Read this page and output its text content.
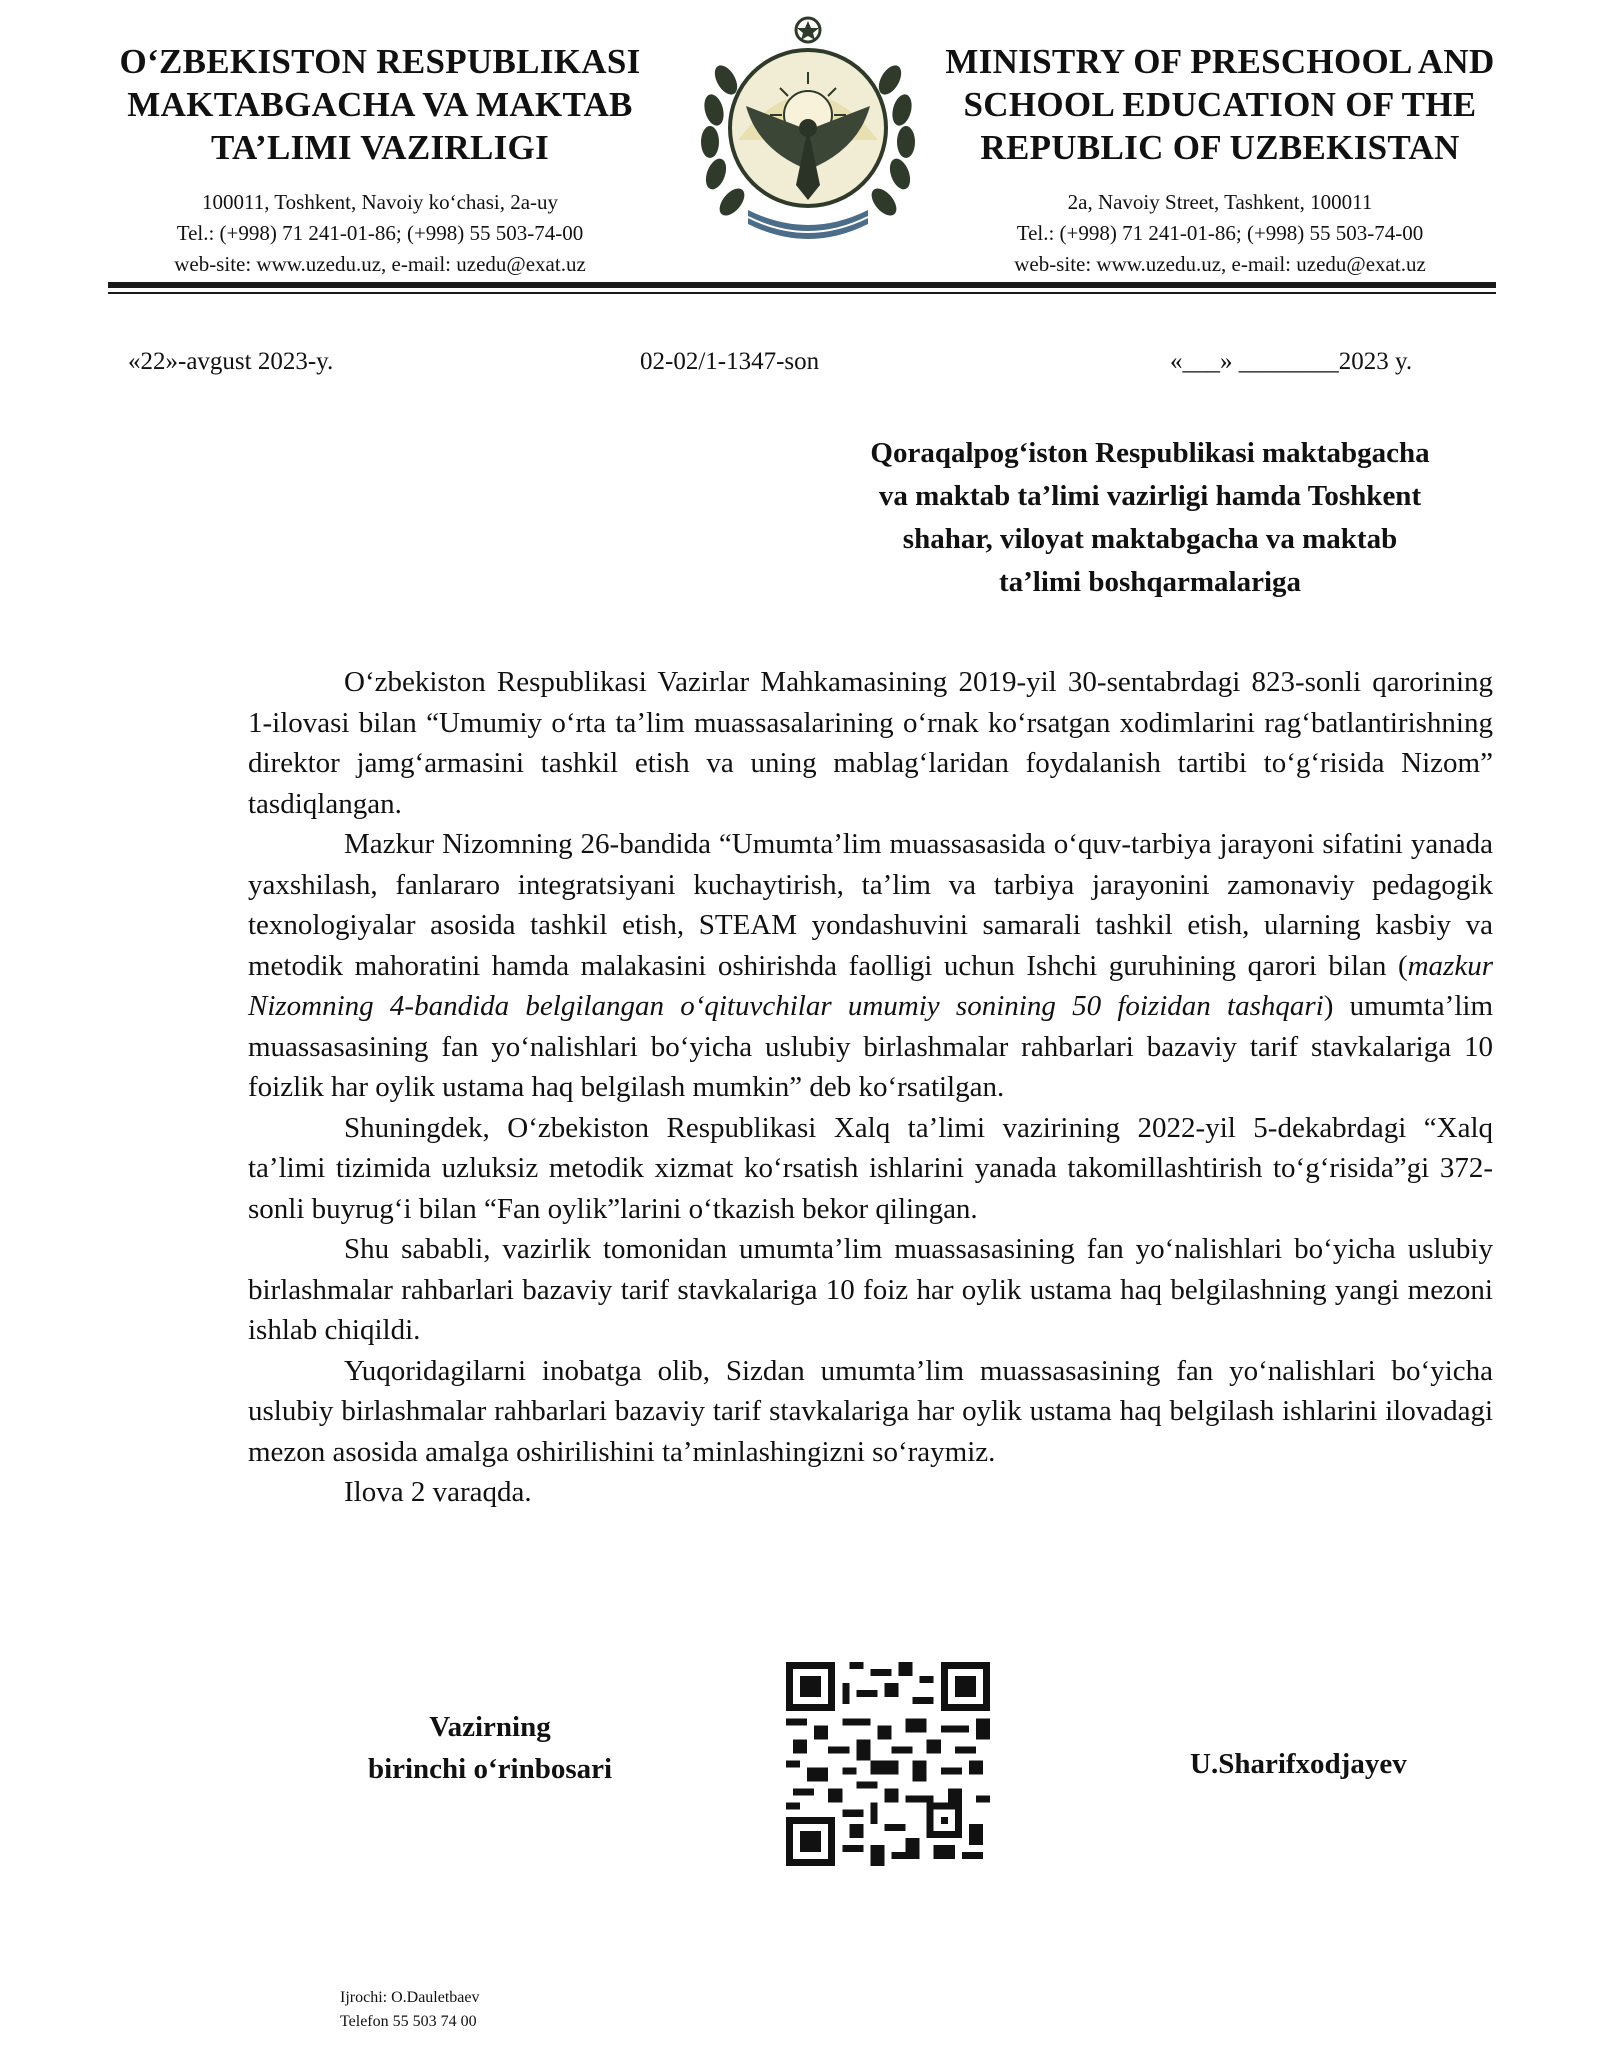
O‘ZBEKISTON RESPUBLIKASI
MAKTABGACHA VA MAKTAB
TA’LIMI VAZIRLIGI
100011, Toshkent, Navoiy ko‘chasi, 2a-uy
Tel.: (+998) 71 241-01-86; (+998) 55 503-74-00
web-site: www.uzedu.uz, e-mail: uzedu@exat.uz
MINISTRY OF PRESCHOOL AND
SCHOOL EDUCATION OF THE
REPUBLIC OF UZBEKISTAN
2a, Navoiy Street, Tashkent, 100011
Tel.: (+998) 71 241-01-86; (+998) 55 503-74-00
web-site: www.uzedu.uz, e-mail: uzedu@exat.uz
«22»-avgust 2023-y.	02-02/1-1347-son	«___» ________2023 y.
Qoraqalpog‘iston Respublikasi maktabgacha
va maktab ta’limi vazirligi hamda Toshkent
shahar, viloyat maktabgacha va maktab
ta’limi boshqarmalariga

O‘zbekiston Respublikasi Vazirlar Mahkamasining 2019-yil 30-sentabrdagi 823-sonli qarorining 1-ilovasi bilan “Umumiy o‘rta ta’lim muassasalarining o‘rnak ko‘rsatgan xodimlarini rag‘batlantirishning direktor jamg‘armasini tashkil etish va uning mablag‘laridan foydalanish tartibi to‘g‘risida Nizom” tasdiqlangan.

Mazkur Nizomning 26-bandida “Umumta’lim muassasasida o‘quv-tarbiya jarayoni sifatini yanada yaxshilash, fanlararo integratsiyani kuchaytirish, ta’lim va tarbiya jarayonini zamonaviy pedagogik texnologiyalar asosida tashkil etish, STEAM yondashuvini samarali tashkil etish, ularning kasbiy va metodik mahoratini hamda malakasini oshirishda faolligi uchun Ishchi guruhining qarori bilan (mazkur Nizomning 4-bandida belgilangan o‘qituvchilar umumiy sonining 50 foizidan tashqari) umumta’lim muassasasining fan yo‘nalishlari bo‘yicha uslubiy birlashmalar rahbarlari bazaviy tarif stavkalariga 10 foizlik har oylik ustama haq belgilash mumkin” deb ko‘rsatilgan.

Shuningdek, O‘zbekiston Respublikasi Xalq ta’limi vazirining 2022-yil 5-dekabrdagi “Xalq ta’limi tizimida uzluksiz metodik xizmat ko‘rsatish ishlarini yanada takomillashtirish to‘g‘risida”gi 372-sonli buyrug‘i bilan “Fan oylik”larini o‘tkazish bekor qilingan.

Shu sababli, vazirlik tomonidan umumta’lim muassasasining fan yo‘nalishlari bo‘yicha uslubiy birlashmalar rahbarlari bazaviy tarif stavkalariga 10 foiz har oylik ustama haq belgilashning yangi mezoni ishlab chiqildi.

Yuqoridagilarni inobatga olib, Sizdan umumta’lim muassasasining fan yo‘nalishlari bo‘yicha uslubiy birlashmalar rahbarlari bazaviy tarif stavkalariga har oylik ustama haq belgilash ishlarini ilovadagi mezon asosida amalga oshirilishini ta’minlashingizni so‘raymiz.

Ilova 2 varaqda.
Vazirning
birinchi o‘rinbosari	U.Sharifxodjayev
Ijrochi: O.Dauletbaev
Telefon 55 503 74 00
